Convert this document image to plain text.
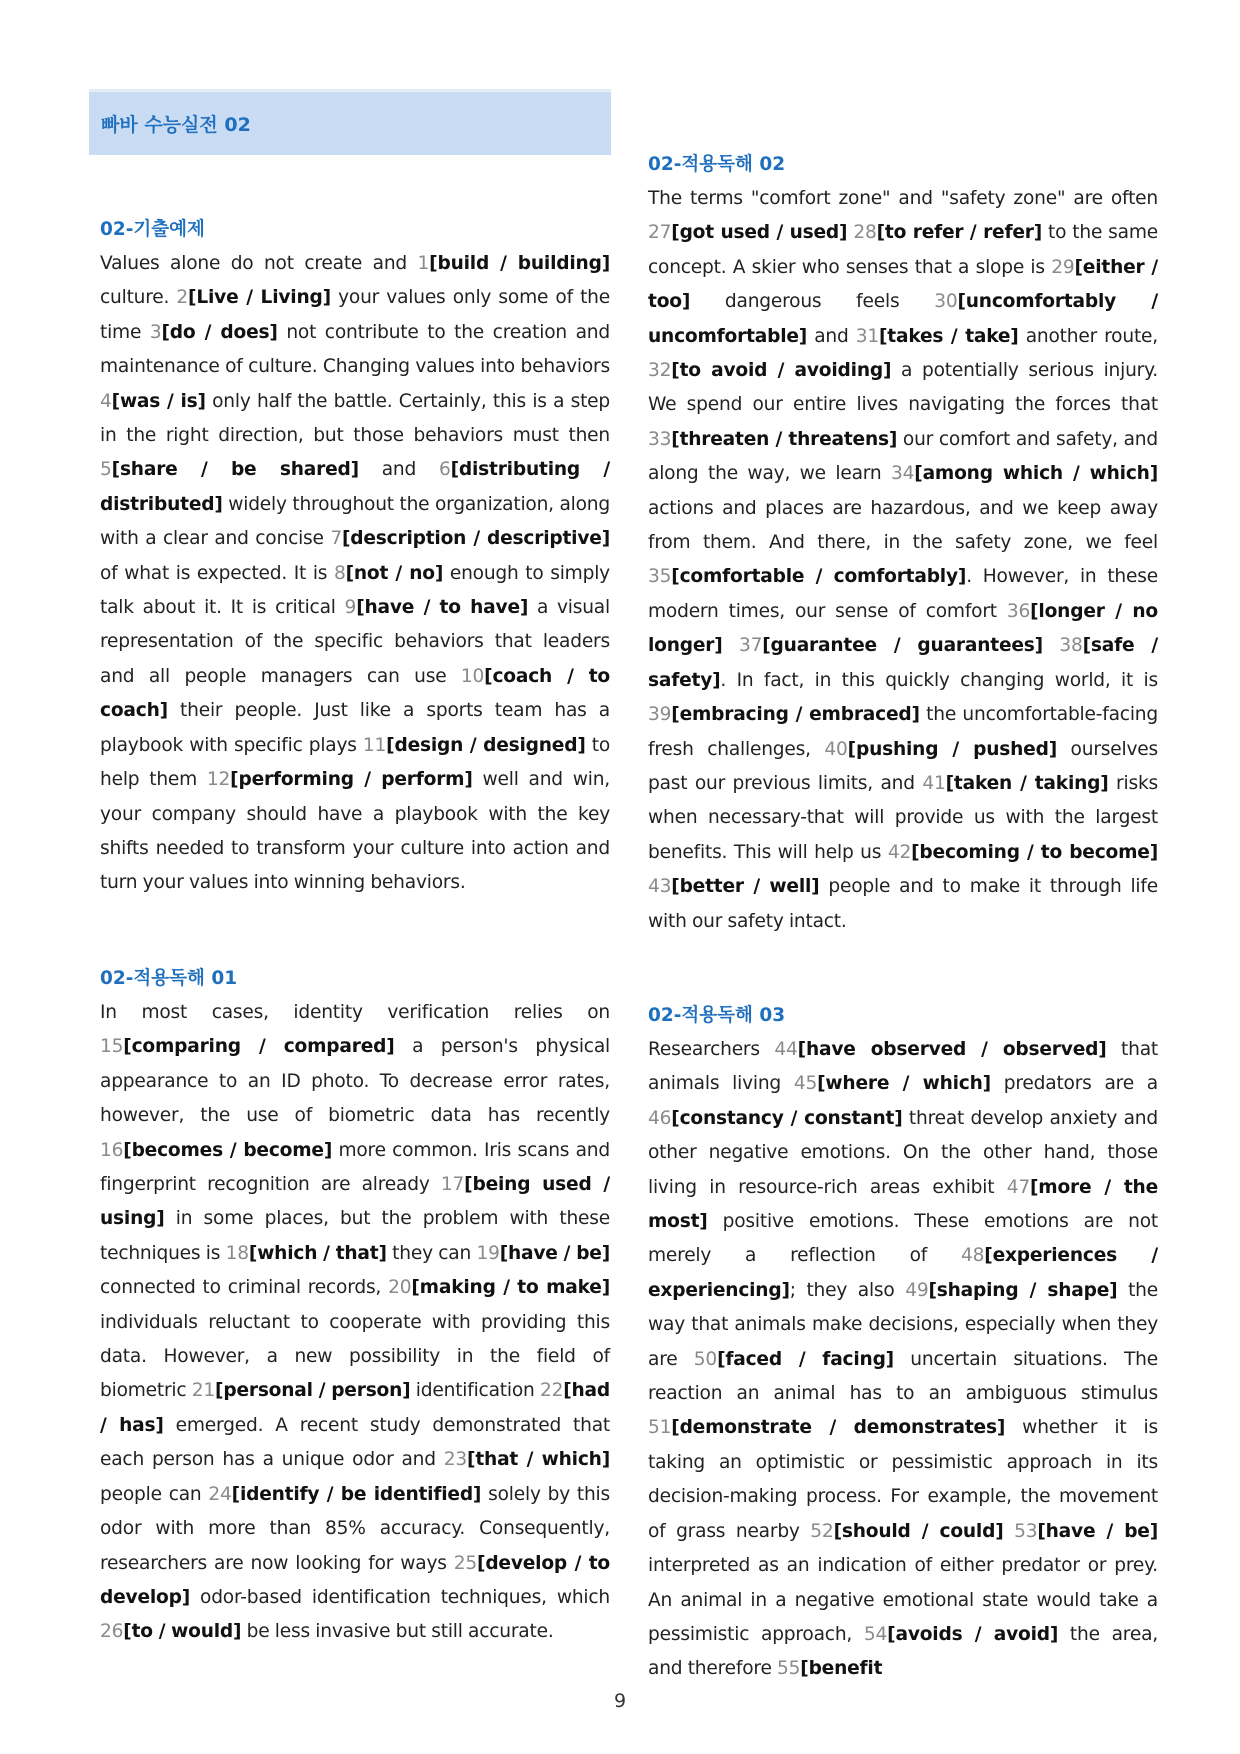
빠바 수능실전 02
02-기출예제

Values alone do not create and 1[build / building] culture. 2[Live / Living] your values only some of the time 3[do / does] not contribute to the creation and maintenance of culture. Changing values into behaviors 4[was / is] only half the battle. Certainly, this is a step in the right direction, but those behaviors must then 5[share / be shared] and 6[distributing / distributed] widely throughout the organization, along with a clear and concise 7[description / descriptive] of what is expected. It is 8[not / no] enough to simply talk about it. It is critical 9[have / to have] a visual representation of the specific behaviors that leaders and all people managers can use 10[coach / to coach] their people. Just like a sports team has a playbook with specific plays 11[design / designed] to help them 12[performing / perform] well and win, your company should have a playbook with the key shifts needed to transform your culture into action and turn your values into winning behaviors.

02-적용독해 01

In most cases, identity verification relies on 15[comparing / compared] a person's physical appearance to an ID photo. To decrease error rates, however, the use of biometric data has recently 16[becomes / become] more common. Iris scans and fingerprint recognition are already 17[being used / using] in some places, but the problem with these techniques is 18[which / that] they can 19[have / be] connected to criminal records, 20[making / to make] individuals reluctant to cooperate with providing this data. However, a new possibility in the field of biometric 21[personal / person] identification 22[had / has] emerged. A recent study demonstrated that each person has a unique odor and 23[that / which] people can 24[identify / be identified] solely by this odor with more than 85% accuracy. Consequently, researchers are now looking for ways 25[develop / to develop] odor-based identification techniques, which 26[to / would] be less invasive but still accurate.

02-적용독해 02

The terms "comfort zone" and "safety zone" are often 27[got used / used] 28[to refer / refer] to the same concept. A skier who senses that a slope is 29[either / too] dangerous feels 30[uncomfortably / uncomfortable] and 31[takes / take] another route, 32[to avoid / avoiding] a potentially serious injury. We spend our entire lives navigating the forces that 33[threaten / threatens] our comfort and safety, and along the way, we learn 34[among which / which] actions and places are hazardous, and we keep away from them. And there, in the safety zone, we feel 35[comfortable / comfortably]. However, in these modern times, our sense of comfort 36[longer / no longer] 37[guarantee / guarantees] 38[safe / safety]. In fact, in this quickly changing world, it is 39[embracing / embraced] the uncomfortable-facing fresh challenges, 40[pushing / pushed] ourselves past our previous limits, and 41[taken / taking] risks when necessary-that will provide us with the largest benefits. This will help us 42[becoming / to become] 43[better / well] people and to make it through life with our safety intact.

02-적용독해 03

Researchers 44[have observed / observed] that animals living 45[where / which] predators are a 46[constancy / constant] threat develop anxiety and other negative emotions. On the other hand, those living in resource-rich areas exhibit 47[more / the most] positive emotions. These emotions are not merely a reflection of 48[experiences / experiencing]; they also 49[shaping / shape] the way that animals make decisions, especially when they are 50[faced / facing] uncertain situations. The reaction an animal has to an ambiguous stimulus 51[demonstrate / demonstrates] whether it is taking an optimistic or pessimistic approach in its decision-making process. For example, the movement of grass nearby 52[should / could] 53[have / be] interpreted as an indication of either predator or prey. An animal in a negative emotional state would take a pessimistic approach, 54[avoids / avoid] the area, and therefore 55[benefit

9
